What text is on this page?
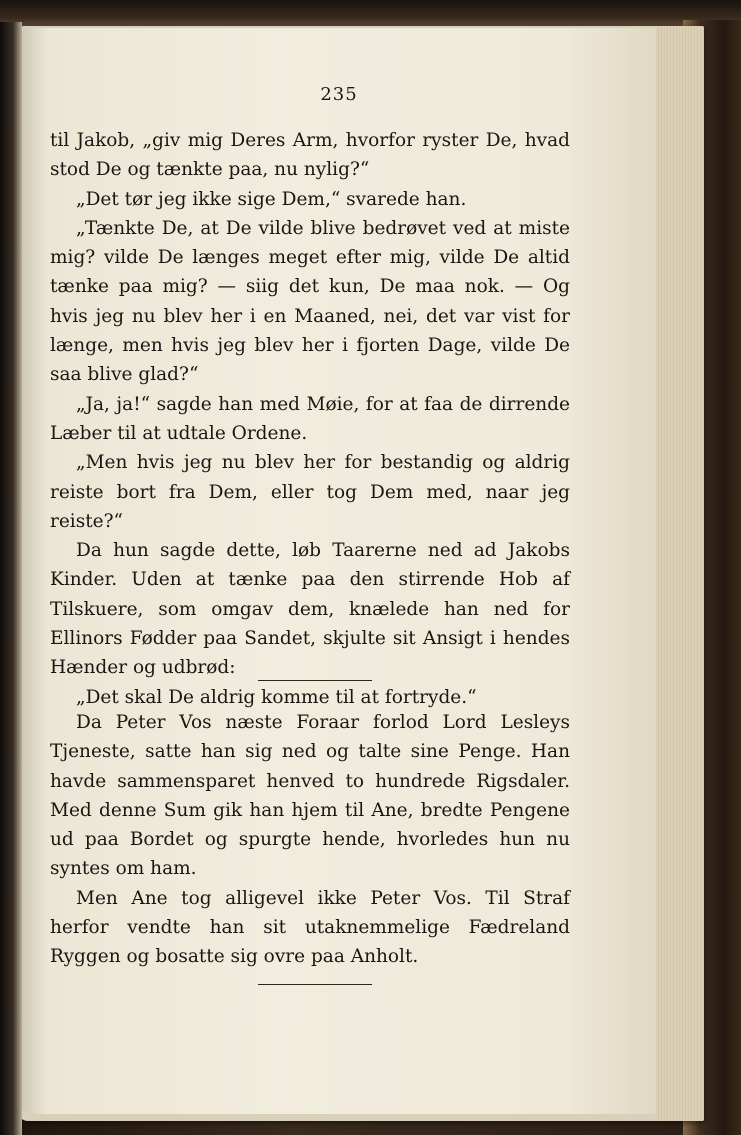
235

til Jakob, „giv mig Deres Arm, hvorfor ryster De, hvad stod De og tænkte paa, nu nylig?“

„Det tør jeg ikke sige Dem,“ svarede han.

„Tænkte De, at De vilde blive bedrøvet ved at miste mig? vilde De længes meget efter mig, vilde De altid tænke paa mig? — siig det kun, De maa nok. — Og hvis jeg nu blev her i en Maaned, nei, det var vist for længe, men hvis jeg blev her i fjorten Dage, vilde De saa blive glad?“

„Ja, ja!“ sagde han med Møie, for at faa de dirrende Læber til at udtale Ordene.

„Men hvis jeg nu blev her for bestandig og aldrig reiste bort fra Dem, eller tog Dem med, naar jeg reiste?“

Da hun sagde dette, løb Taarerne ned ad Jakobs Kinder. Uden at tænke paa den stirrende Hob af Tilskuere, som omgav dem, knælede han ned for Ellinors Fødder paa Sandet, skjulte sit Ansigt i hendes Hænder og udbrød:

„Det skal De aldrig komme til at fortryde.“

Da Peter Vos næste Foraar forlod Lord Lesleys Tjeneste, satte han sig ned og talte sine Penge. Han havde sammensparet henved to hundrede Rigsdaler. Med denne Sum gik han hjem til Ane, bredte Pengene ud paa Bordet og spurgte hende, hvorledes hun nu syntes om ham.

Men Ane tog alligevel ikke Peter Vos. Til Straf herfor vendte han sit utaknemmelige Fædreland Ryggen og bosatte sig ovre paa Anholt.
